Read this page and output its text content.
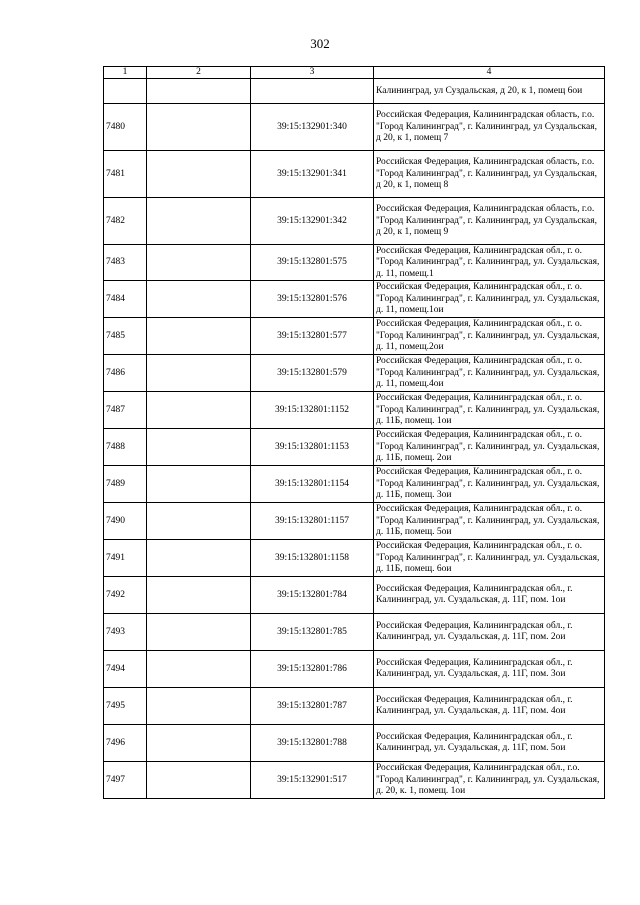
302
1	2	3	4
			Калининград, ул Суздальская, д 20, к 1, помещ 6ои
7480		39:15:132901:340	Российская Федерация, Калининградская область, г.о. "Город Калининград", г. Калининград, ул Суздальская, д 20, к 1, помещ 7
7481		39:15:132901:341	Российская Федерация, Калининградская область, г.о. "Город Калининград", г. Калининград, ул Суздальская, д 20, к 1, помещ 8
7482		39:15:132901:342	Российская Федерация, Калининградская область, г.о. "Город Калининград", г. Калининград, ул Суздальская, д 20, к 1, помещ 9
7483		39:15:132801:575	Российская Федерация, Калининградская обл., г. о. "Город Калининград", г. Калининград, ул. Суздальская, д. 11, помещ.1
7484		39:15:132801:576	Российская Федерация, Калининградская обл., г. о. "Город Калининград", г. Калининград, ул. Суздальская, д. 11, помещ.1ои
7485		39:15:132801:577	Российская Федерация, Калининградская обл., г. о. "Город Калининград", г. Калининград, ул. Суздальская, д. 11, помещ.2ои
7486		39:15:132801:579	Российская Федерация, Калининградская обл., г. о. "Город Калининград", г. Калининград, ул. Суздальская, д. 11, помещ.4ои
7487		39:15:132801:1152	Российская Федерация, Калининградская обл., г. о. "Город Калининград", г. Калининград, ул. Суздальская, д. 11Б, помещ. 1ои
7488		39:15:132801:1153	Российская Федерация, Калининградская обл., г. о. "Город Калининград", г. Калининград, ул. Суздальская, д. 11Б, помещ. 2ои
7489		39:15:132801:1154	Российская Федерация, Калининградская обл., г. о. "Город Калининград", г. Калининград, ул. Суздальская, д. 11Б, помещ. 3ои
7490		39:15:132801:1157	Российская Федерация, Калининградская обл., г. о. "Город Калининград", г. Калининград, ул. Суздальская, д. 11Б, помещ. 5ои
7491		39:15:132801:1158	Российская Федерация, Калининградская обл., г. о. "Город Калининград", г. Калининград, ул. Суздальская, д. 11Б, помещ. 6ои
7492		39:15:132801:784	Российская Федерация, Калининградская обл., г. Калининград, ул. Суздальская, д. 11Г, пом. 1ои
7493		39:15:132801:785	Российская Федерация, Калининградская обл., г. Калининград, ул. Суздальская, д. 11Г, пом. 2ои
7494		39:15:132801:786	Российская Федерация, Калининградская обл., г. Калининград, ул. Суздальская, д. 11Г, пом. 3ои
7495		39:15:132801:787	Российская Федерация, Калининградская обл., г. Калининград, ул. Суздальская, д. 11Г, пом. 4ои
7496		39:15:132801:788	Российская Федерация, Калининградская обл., г. Калининград, ул. Суздальская, д. 11Г, пом. 5ои
7497		39:15:132901:517	Российская Федерация, Калининградская обл., г.о. "Город Калининград", г. Калининград, ул. Суздальская, д. 20, к. 1, помещ. 1ои
